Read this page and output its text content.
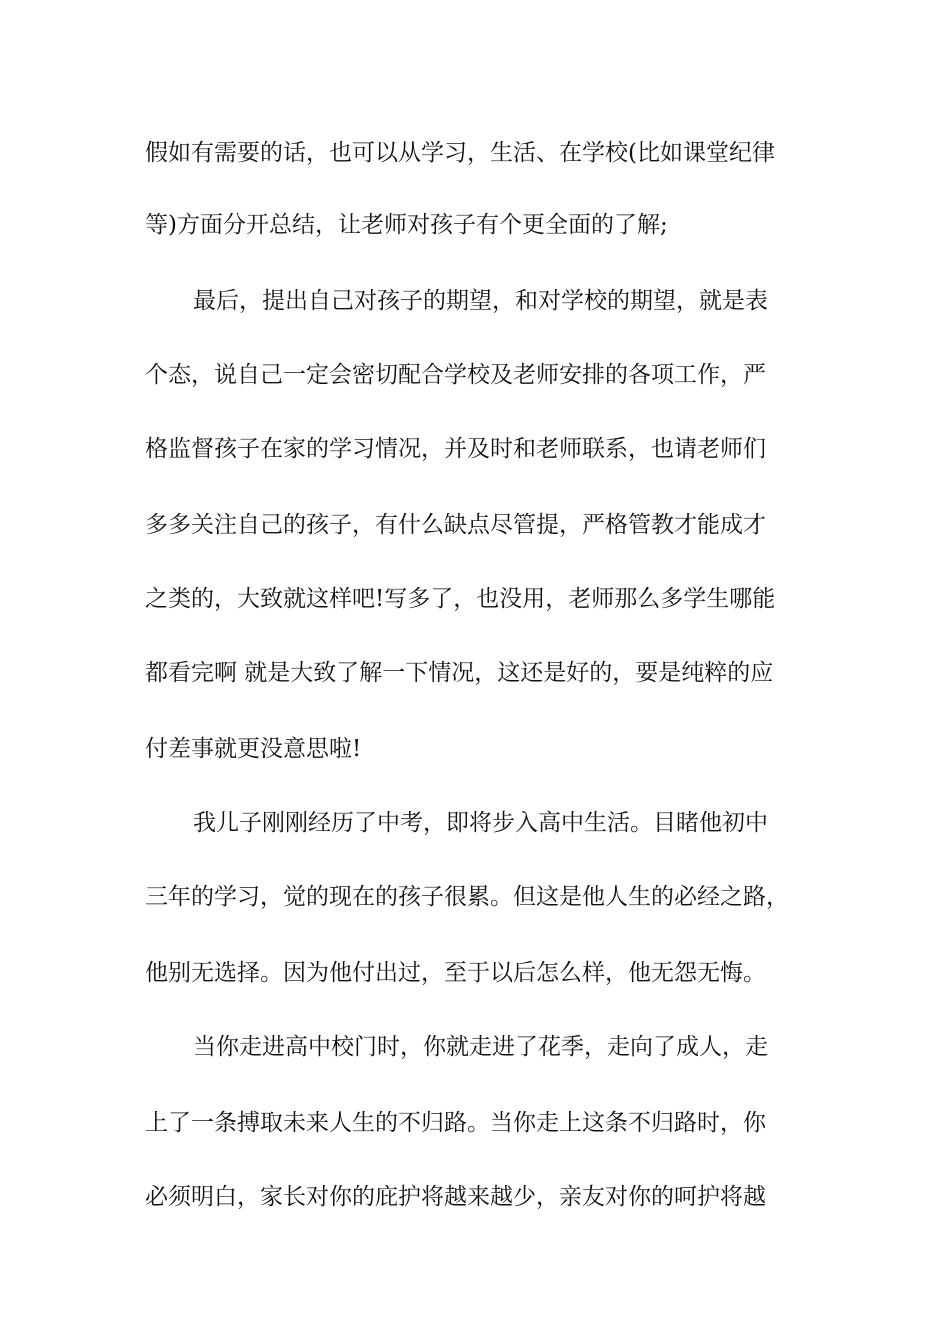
假如有需要的话，也可以从学习，生活、在学校(比如课堂纪律

等)方面分开总结，让老师对孩子有个更全面的了解;

最后，提出自己对孩子的期望，和对学校的期望，就是表

个态，说自己一定会密切配合学校及老师安排的各项工作，严

格监督孩子在家的学习情况，并及时和老师联系，也请老师们

多多关注自己的孩子，有什么缺点尽管提，严格管教才能成才

之类的，大致就这样吧!写多了，也没用，老师那么多学生哪能

都看完啊 就是大致了解一下情况，这还是好的，要是纯粹的应

付差事就更没意思啦!

我儿子刚刚经历了中考，即将步入高中生活。目睹他初中

三年的学习，觉的现在的孩子很累。但这是他人生的必经之路，

他别无选择。因为他付出过，至于以后怎么样，他无怨无悔。

当你走进高中校门时，你就走进了花季，走向了成人，走

上了一条搏取未来人生的不归路。当你走上这条不归路时，你

必须明白，家长对你的庇护将越来越少，亲友对你的呵护将越
